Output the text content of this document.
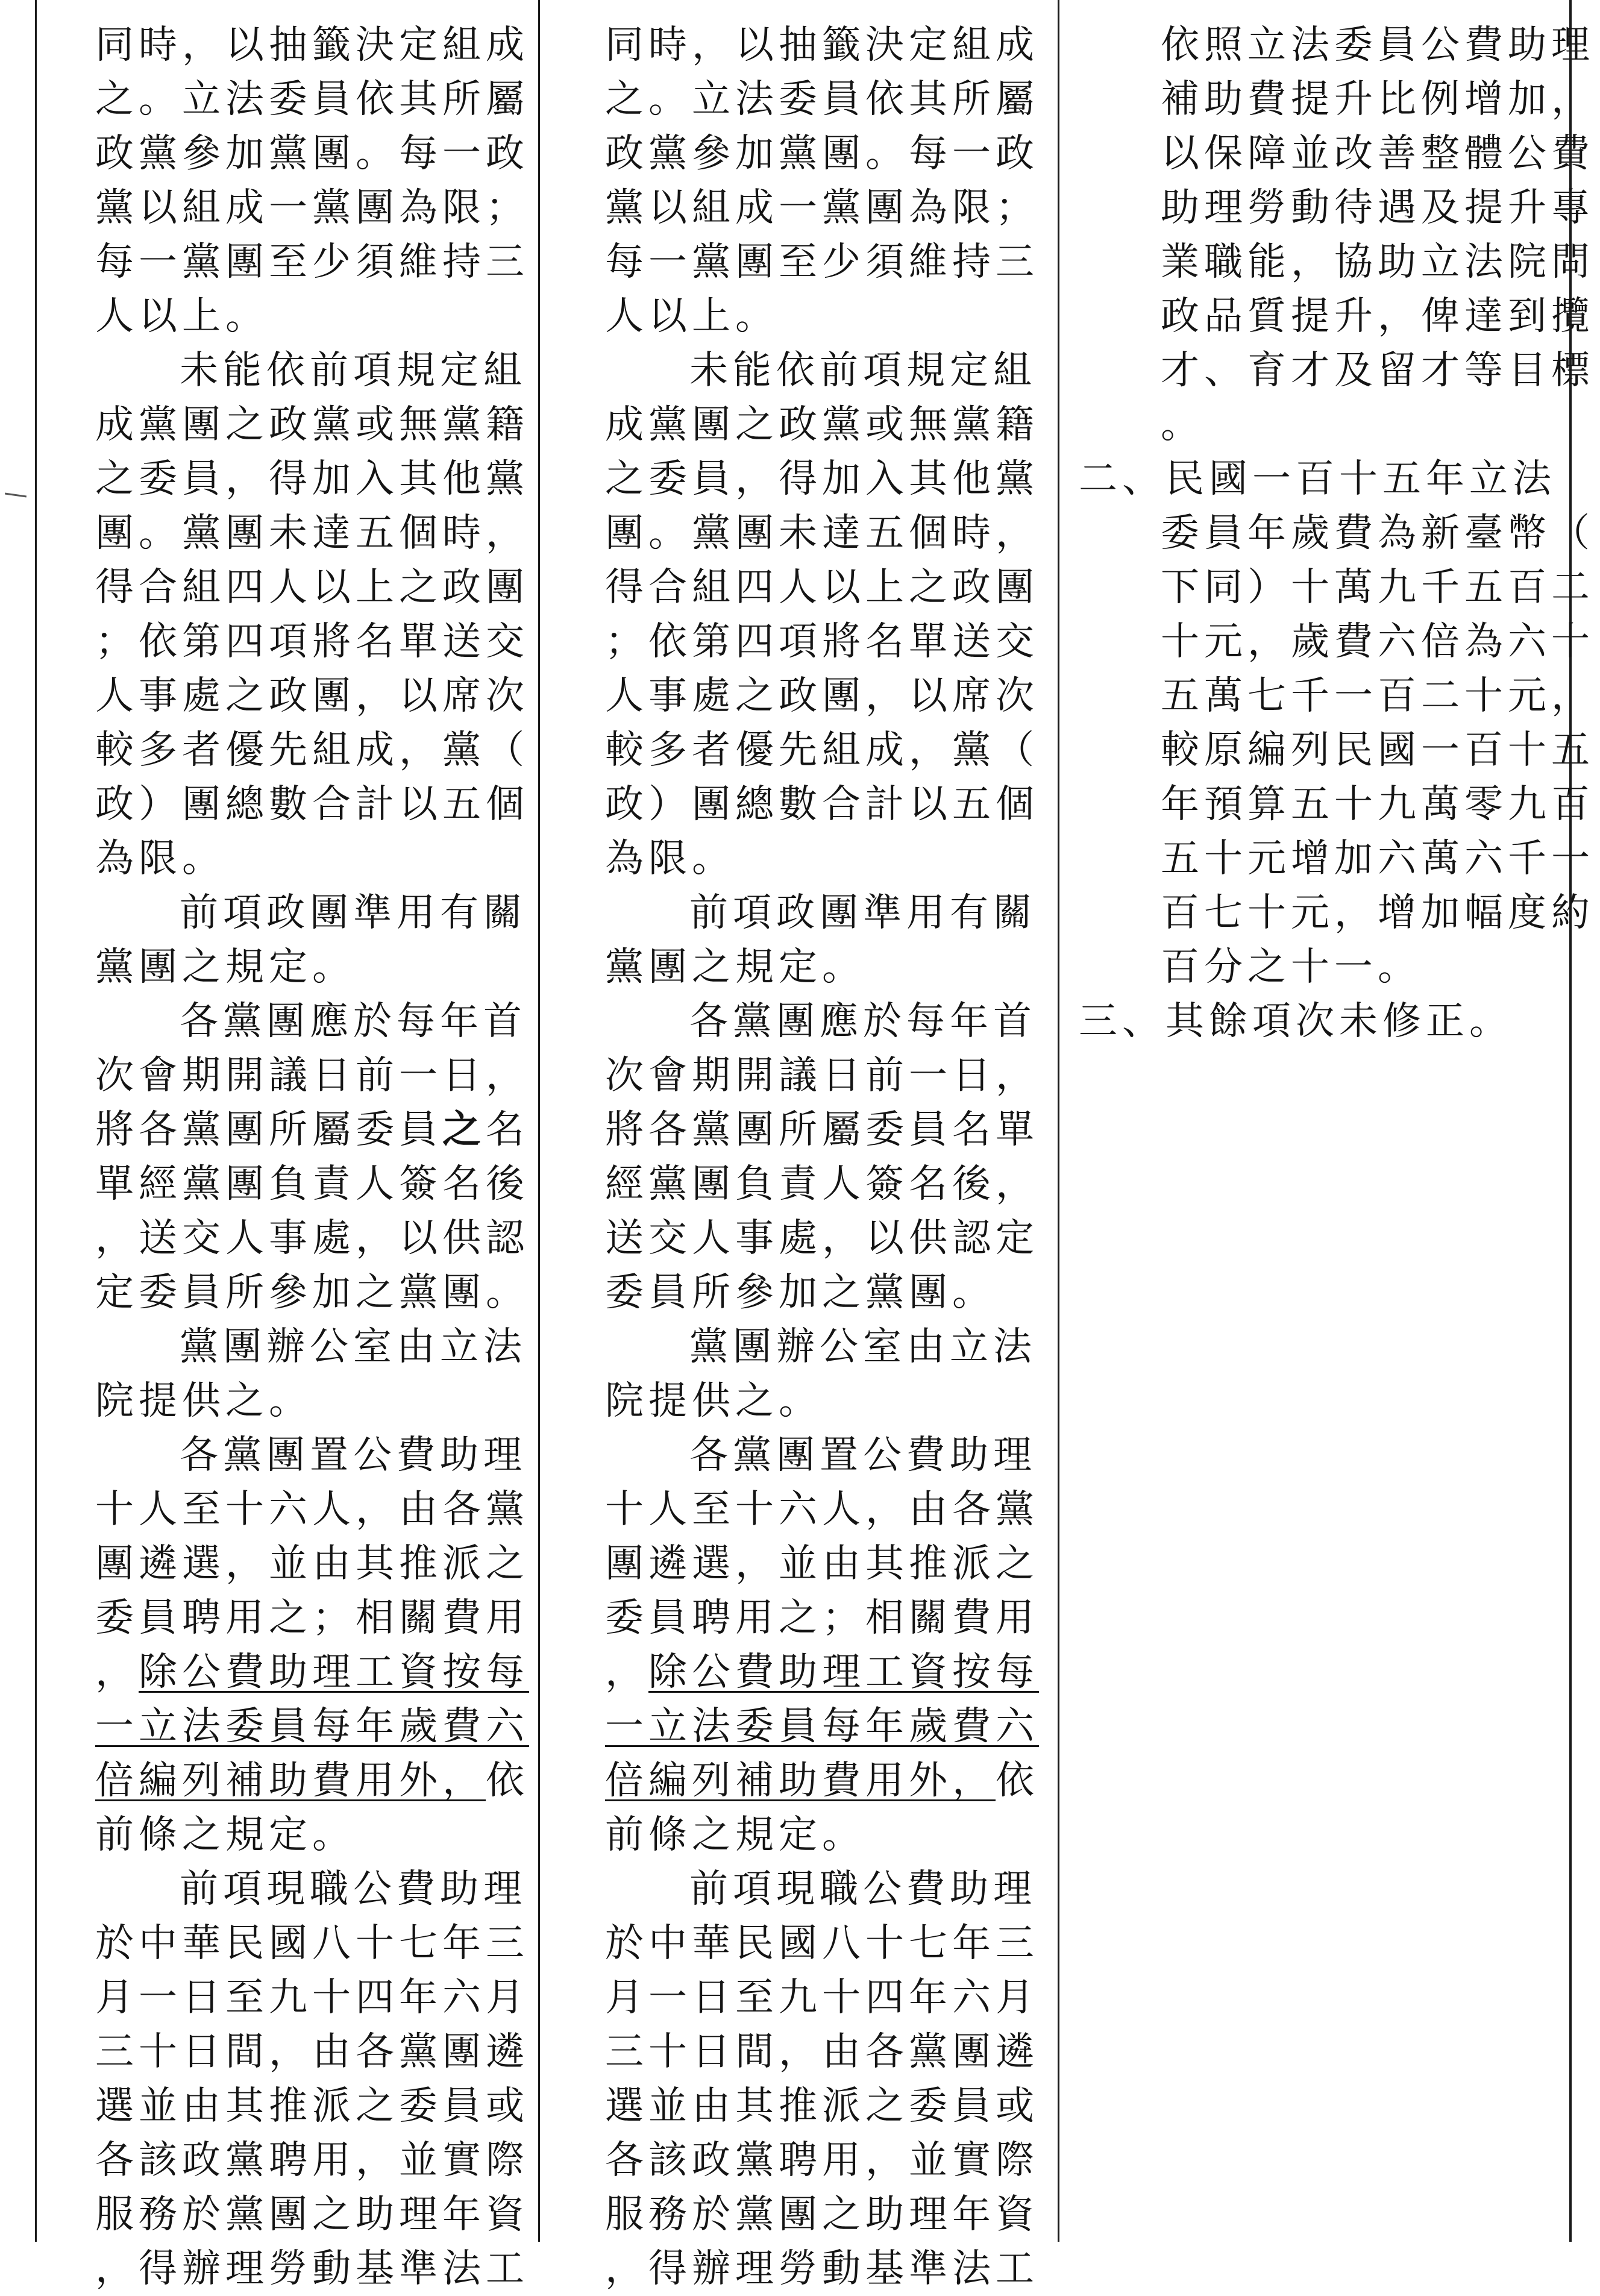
同時，以抽籤決定組成
之。立法委員依其所屬
政黨參加黨團。每一政
黨以組成一黨團為限；
每一黨團至少須維持三
人以上。
未能依前項規定組
成黨團之政黨或無黨籍
之委員，得加入其他黨
團。黨團未達五個時，
得合組四人以上之政團
；依第四項將名單送交
人事處之政團，以席次
較多者優先組成，黨（
政）團總數合計以五個
為限。
前項政團準用有關
黨團之規定。
各黨團應於每年首
次會期開議日前一日，
將各黨團所屬委員之名
單經黨團負責人簽名後
，送交人事處，以供認
定委員所參加之黨團。
黨團辦公室由立法
院提供之。
各黨團置公費助理
十人至十六人，由各黨
團遴選，並由其推派之
委員聘用之；相關費用
，除公費助理工資按每
一立法委員每年歲費六
倍編列補助費用外，依
前條之規定。
前項現職公費助理
於中華民國八十七年三
月一日至九十四年六月
三十日間，由各黨團遴
選並由其推派之委員或
各該政黨聘用，並實際
服務於黨團之助理年資
，得辦理勞動基準法工
同時，以抽籤決定組成
之。立法委員依其所屬
政黨參加黨團。每一政
黨以組成一黨團為限；
每一黨團至少須維持三
人以上。
未能依前項規定組
成黨團之政黨或無黨籍
之委員，得加入其他黨
團。黨團未達五個時，
得合組四人以上之政團
；依第四項將名單送交
人事處之政團，以席次
較多者優先組成，黨（
政）團總數合計以五個
為限。
前項政團準用有關
黨團之規定。
各黨團應於每年首
次會期開議日前一日，
將各黨團所屬委員名單
經黨團負責人簽名後，
送交人事處，以供認定
委員所參加之黨團。
黨團辦公室由立法
院提供之。
各黨團置公費助理
十人至十六人，由各黨
團遴選，並由其推派之
委員聘用之；相關費用
，除公費助理工資按每
一立法委員每年歲費六
倍編列補助費用外，依
前條之規定。
前項現職公費助理
於中華民國八十七年三
月一日至九十四年六月
三十日間，由各黨團遴
選並由其推派之委員或
各該政黨聘用，並實際
服務於黨團之助理年資
，得辦理勞動基準法工
依照立法委員公費助理
補助費提升比例增加，
以保障並改善整體公費
助理勞動待遇及提升專
業職能，協助立法院問
政品質提升，俾達到攬
才、育才及留才等目標
。
二、民國一百十五年立法
委員年歲費為新臺幣（
下同）十萬九千五百二
十元，歲費六倍為六十
五萬七千一百二十元，
較原編列民國一百十五
年預算五十九萬零九百
五十元增加六萬六千一
百七十元，增加幅度約
百分之十一。
三、其餘項次未修正。
